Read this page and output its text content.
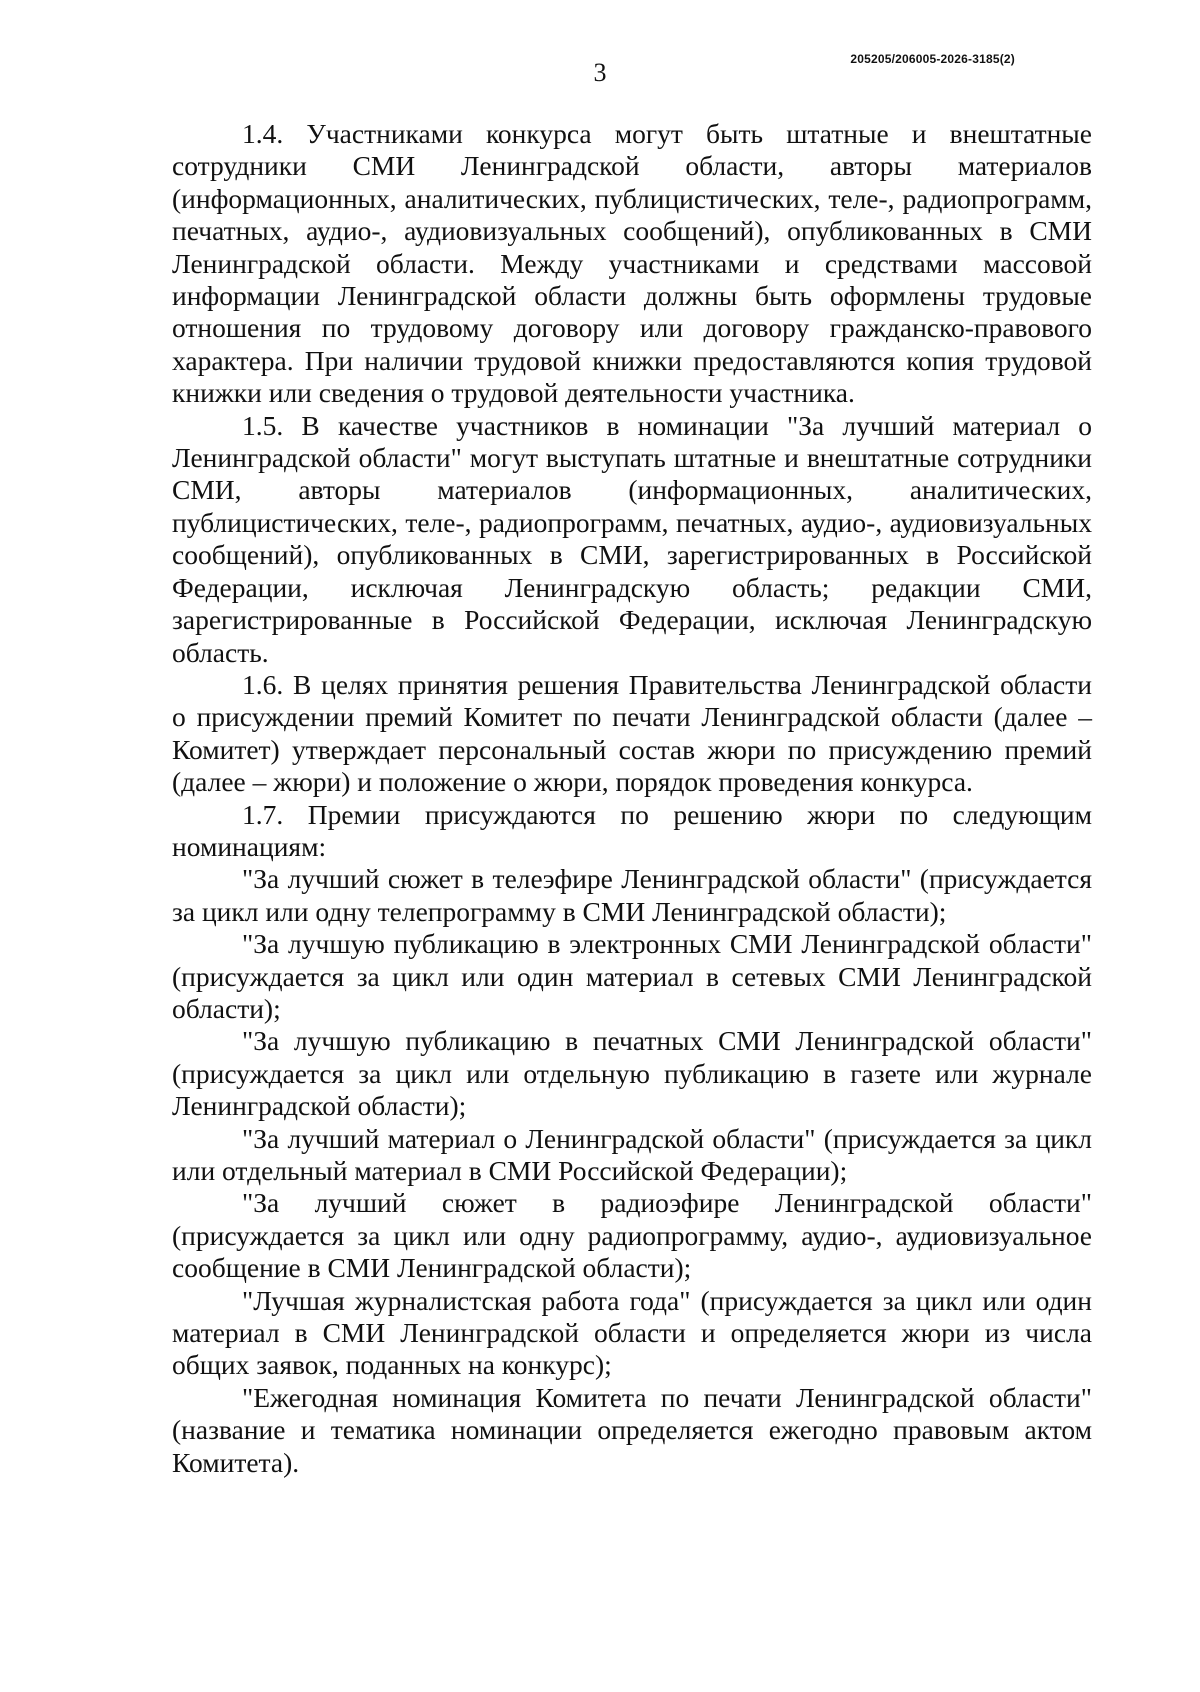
3	205205/206005-2026-3185(2)

1.4. Участниками конкурса могут быть штатные и внештатные сотрудники СМИ Ленинградской области, авторы материалов (информационных, аналитических, публицистических, теле-, радиопрограмм, печатных, аудио-, аудиовизуальных сообщений), опубликованных в СМИ Ленинградской области. Между участниками и средствами массовой информации Ленинградской области должны быть оформлены трудовые отношения по трудовому договору или договору гражданско-правового характера. При наличии трудовой книжки предоставляются копия трудовой книжки или сведения о трудовой деятельности участника.

1.5. В качестве участников в номинации "За лучший материал о Ленинградской области" могут выступать штатные и внештатные сотрудники СМИ, авторы материалов (информационных, аналитических, публицистических, теле-, радиопрограмм, печатных, аудио-, аудиовизуальных сообщений), опубликованных в СМИ, зарегистрированных в Российской Федерации, исключая Ленинградскую область; редакции СМИ, зарегистрированные в Российской Федерации, исключая Ленинградскую область.

1.6. В целях принятия решения Правительства Ленинградской области о присуждении премий Комитет по печати Ленинградской области (далее – Комитет) утверждает персональный состав жюри по присуждению премий (далее – жюри) и положение о жюри, порядок проведения конкурса.

1.7. Премии присуждаются по решению жюри по следующим номинациям:

"За лучший сюжет в телеэфире Ленинградской области" (присуждается за цикл или одну телепрограмму в СМИ Ленинградской области);

"За лучшую публикацию в электронных СМИ Ленинградской области" (присуждается за цикл или один материал в сетевых СМИ Ленинградской области);

"За лучшую публикацию в печатных СМИ Ленинградской области" (присуждается за цикл или отдельную публикацию в газете или журнале Ленинградской области);

"За лучший материал о Ленинградской области" (присуждается за цикл или отдельный материал в СМИ Российской Федерации);

"За лучший сюжет в радиоэфире Ленинградской области" (присуждается за цикл или одну радиопрограмму, аудио-, аудиовизуальное сообщение в СМИ Ленинградской области);

"Лучшая журналистская работа года" (присуждается за цикл или один материал в СМИ Ленинградской области и определяется жюри из числа общих заявок, поданных на конкурс);

"Ежегодная номинация Комитета по печати Ленинградской области" (название и тематика номинации определяется ежегодно правовым актом Комитета).
